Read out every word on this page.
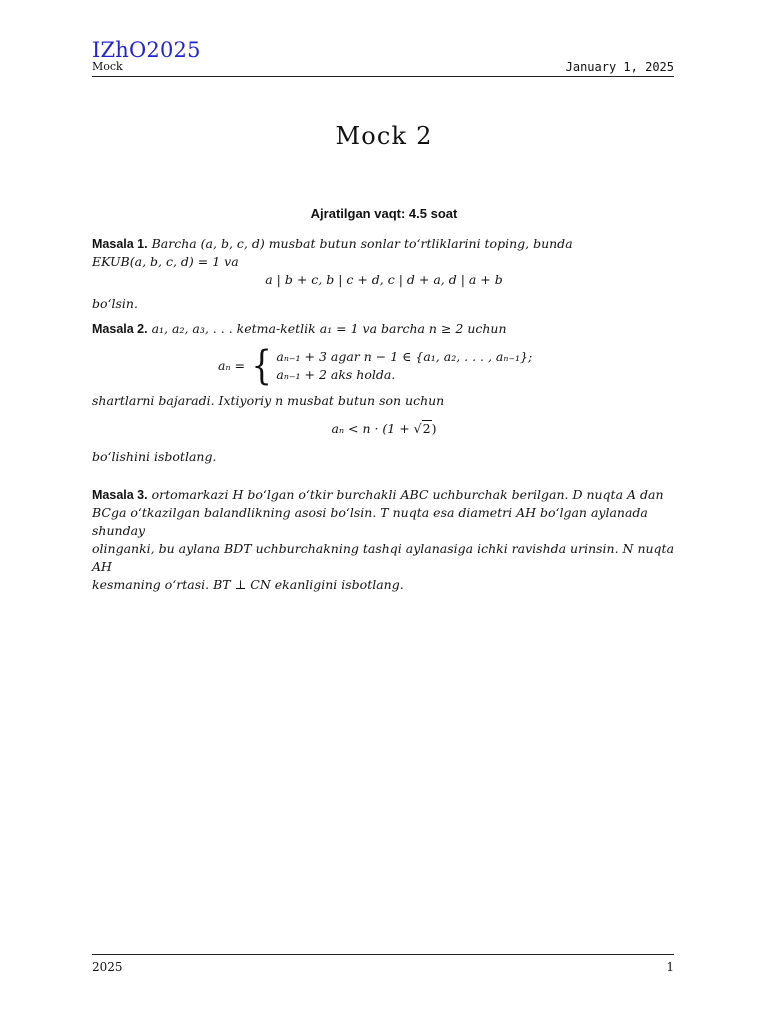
IZhO2025
Mock	January 1, 2025
Mock 2
Ajratilgan vaqt: 4.5 soat
Masala 1. Barcha (a, b, c, d) musbat butun sonlar to‘rtliklarini toping, bunda
EKUB(a, b, c, d) = 1 va
a | b + c, b | c + d, c | d + a, d | a + b
bo‘lsin.
Masala 2. a₁, a₂, a₃, . . . ketma-ketlik a₁ = 1 va barcha n ≥ 2 uchun
aₙ = { aₙ₋₁ + 3 agar n − 1 ∈ {a₁, a₂, . . . , aₙ₋₁};
aₙ₋₁ + 2 aks holda.
shartlarni bajaradi. Ixtiyoriy n musbat butun son uchun
aₙ < n · (1 + √2)
bo‘lishini isbotlang.
Masala 3. ortomarkazi H bo‘lgan o‘tkir burchakli ABC uchburchak berilgan. D nuqta A dan
BCga o‘tkazilgan balandlikning asosi bo‘lsin. T nuqta esa diametri AH bo‘lgan aylanada shunday
olinganki, bu aylana BDT uchburchakning tashqi aylanasiga ichki ravishda urinsin. N nuqta AH
kesmaning o‘rtasi. BT ⊥ CN ekanligini isbotlang.
2025	1
